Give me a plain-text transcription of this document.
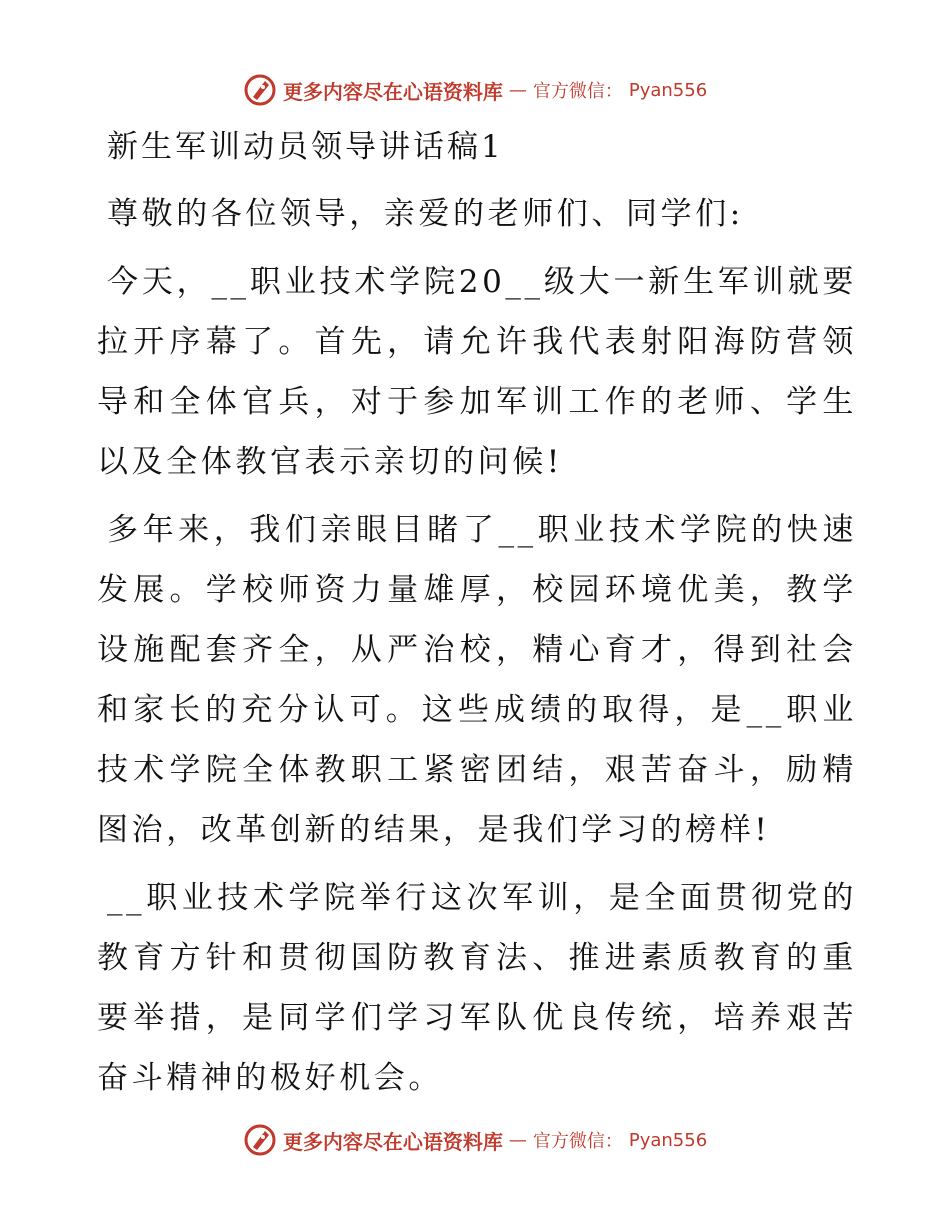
更多内容尽在心语资料库 — 官方微信： Pyan556
新生军训动员领导讲话稿1

尊敬的各位领导，亲爱的老师们、同学们:

今天，__职业技术学院20__级大一新生军训就要拉开序幕了。首先，请允许我代表射阳海防营领导和全体官兵，对于参加军训工作的老师、学生以及全体教官表示亲切的问候!

多年来，我们亲眼目睹了__职业技术学院的快速发展。学校师资力量雄厚，校园环境优美，教学设施配套齐全，从严治校，精心育才，得到社会和家长的充分认可。这些成绩的取得，是__职业技术学院全体教职工紧密团结，艰苦奋斗，励精图治，改革创新的结果，是我们学习的榜样!

__职业技术学院举行这次军训，是全面贯彻党的教育方针和贯彻国防教育法、推进素质教育的重要举措，是同学们学习军队优良传统，培养艰苦奋斗精神的极好机会。

更多内容尽在心语资料库 — 官方微信： Pyan556
